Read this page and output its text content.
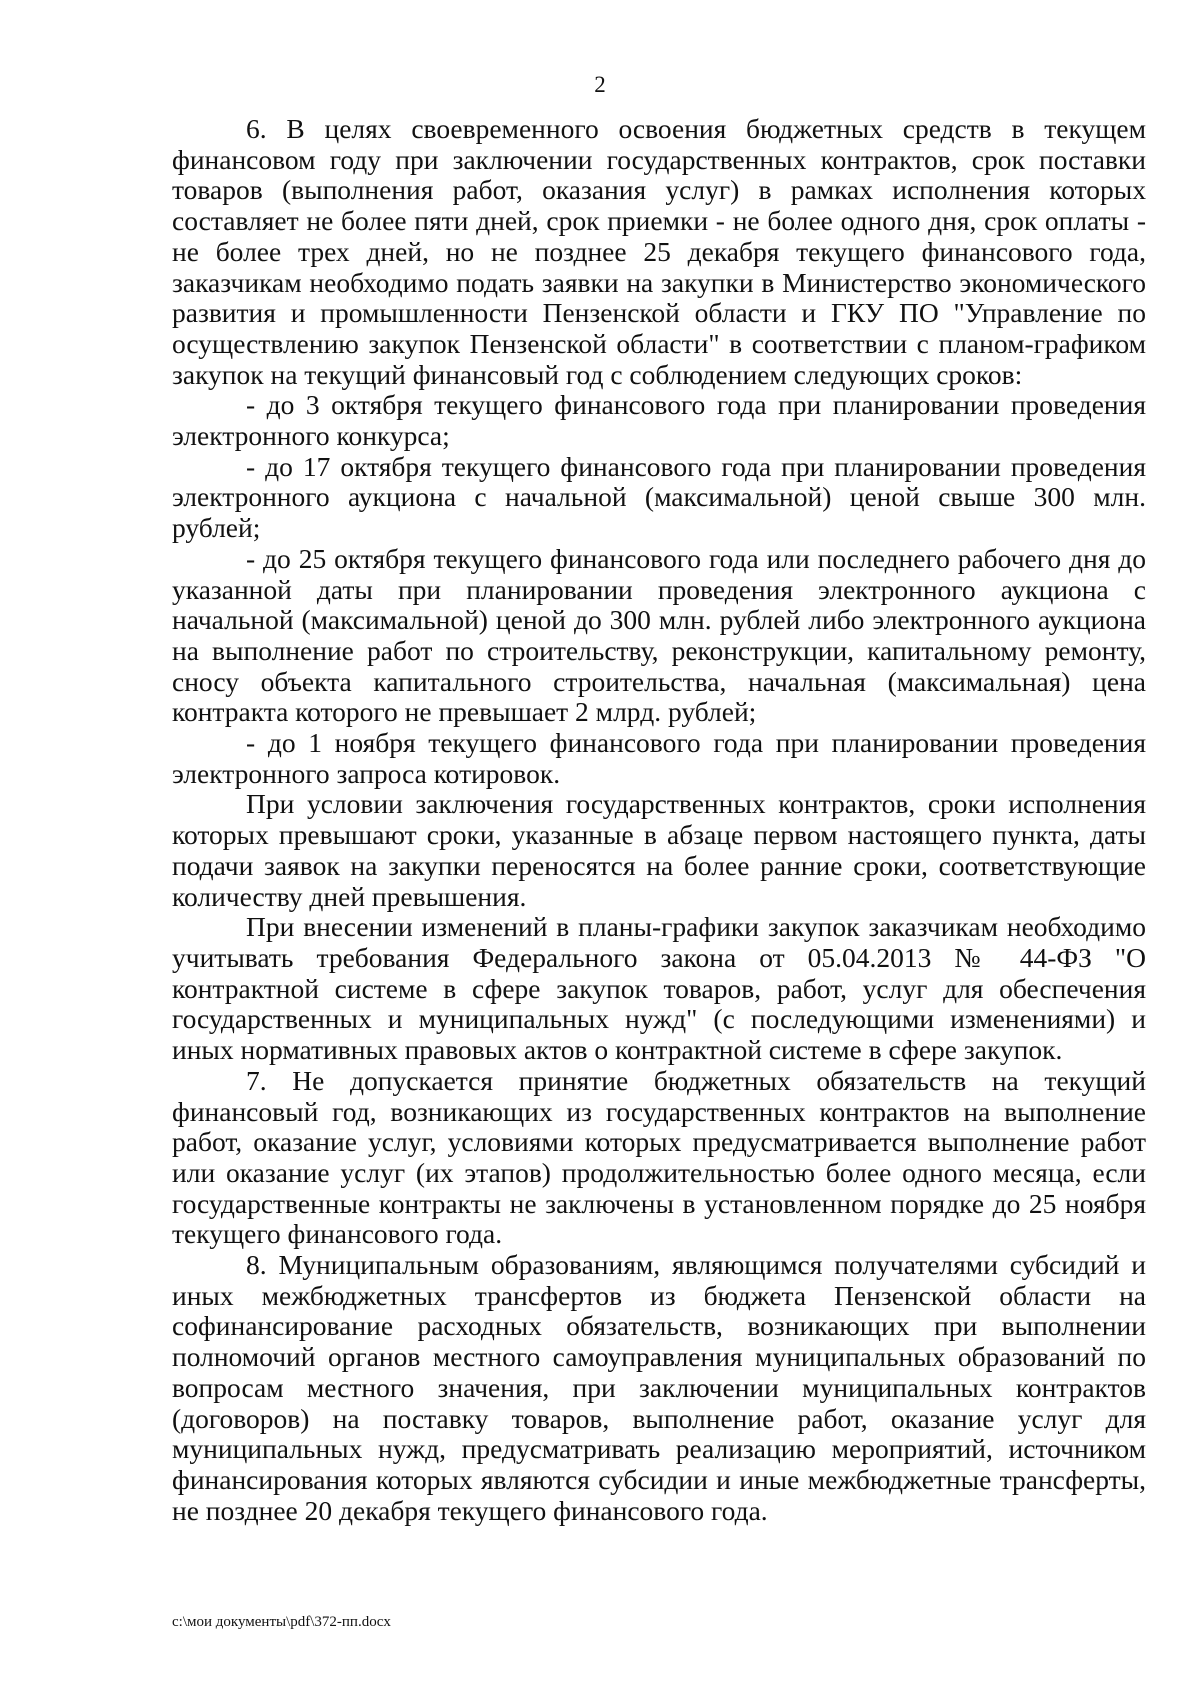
2

6. В целях своевременного освоения бюджетных средств в текущем финансовом году при заключении государственных контрактов, срок поставки товаров (выполнения работ, оказания услуг) в рамках исполнения которых составляет не более пяти дней, срок приемки - не более одного дня, срок оплаты - не более трех дней, но не позднее 25 декабря текущего финансового года, заказчикам необходимо подать заявки на закупки в Министерство экономического развития и промышленности Пензенской области и ГКУ ПО "Управление по осуществлению закупок Пензенской области" в соответствии с планом-графиком закупок на текущий финансовый год с соблюдением следующих сроков:

- до 3 октября текущего финансового года при планировании проведения электронного конкурса;

- до 17 октября текущего финансового года при планировании проведения электронного аукциона с начальной (максимальной) ценой свыше 300 млн. рублей;

- до 25 октября текущего финансового года или последнего рабочего дня до указанной даты при планировании проведения электронного аукциона с начальной (максимальной) ценой до 300 млн. рублей либо электронного аукциона на выполнение работ по строительству, реконструкции, капитальному ремонту, сносу объекта капитального строительства, начальная (максимальная) цена контракта которого не превышает 2 млрд. рублей;

- до 1 ноября текущего финансового года при планировании проведения электронного запроса котировок.

При условии заключения государственных контрактов, сроки исполнения которых превышают сроки, указанные в абзаце первом настоящего пункта, даты подачи заявок на закупки переносятся на более ранние сроки, соответствующие количеству дней превышения.

При внесении изменений в планы-графики закупок заказчикам необходимо учитывать требования Федерального закона от 05.04.2013 № 44-ФЗ "О контрактной системе в сфере закупок товаров, работ, услуг для обеспечения государственных и муниципальных нужд" (с последующими изменениями) и иных нормативных правовых актов о контрактной системе в сфере закупок.

7. Не допускается принятие бюджетных обязательств на текущий финансовый год, возникающих из государственных контрактов на выполнение работ, оказание услуг, условиями которых предусматривается выполнение работ или оказание услуг (их этапов) продолжительностью более одного месяца, если государственные контракты не заключены в установленном порядке до 25 ноября текущего финансового года.

8. Муниципальным образованиям, являющимся получателями субсидий и иных межбюджетных трансфертов из бюджета Пензенской области на софинансирование расходных обязательств, возникающих при выполнении полномочий органов местного самоуправления муниципальных образований по вопросам местного значения, при заключении муниципальных контрактов (договоров) на поставку товаров, выполнение работ, оказание услуг для муниципальных нужд, предусматривать реализацию мероприятий, источником финансирования которых являются субсидии и иные межбюджетные трансферты, не позднее 20 декабря текущего финансового года.

c:\мои документы\pdf\372-пп.docx
